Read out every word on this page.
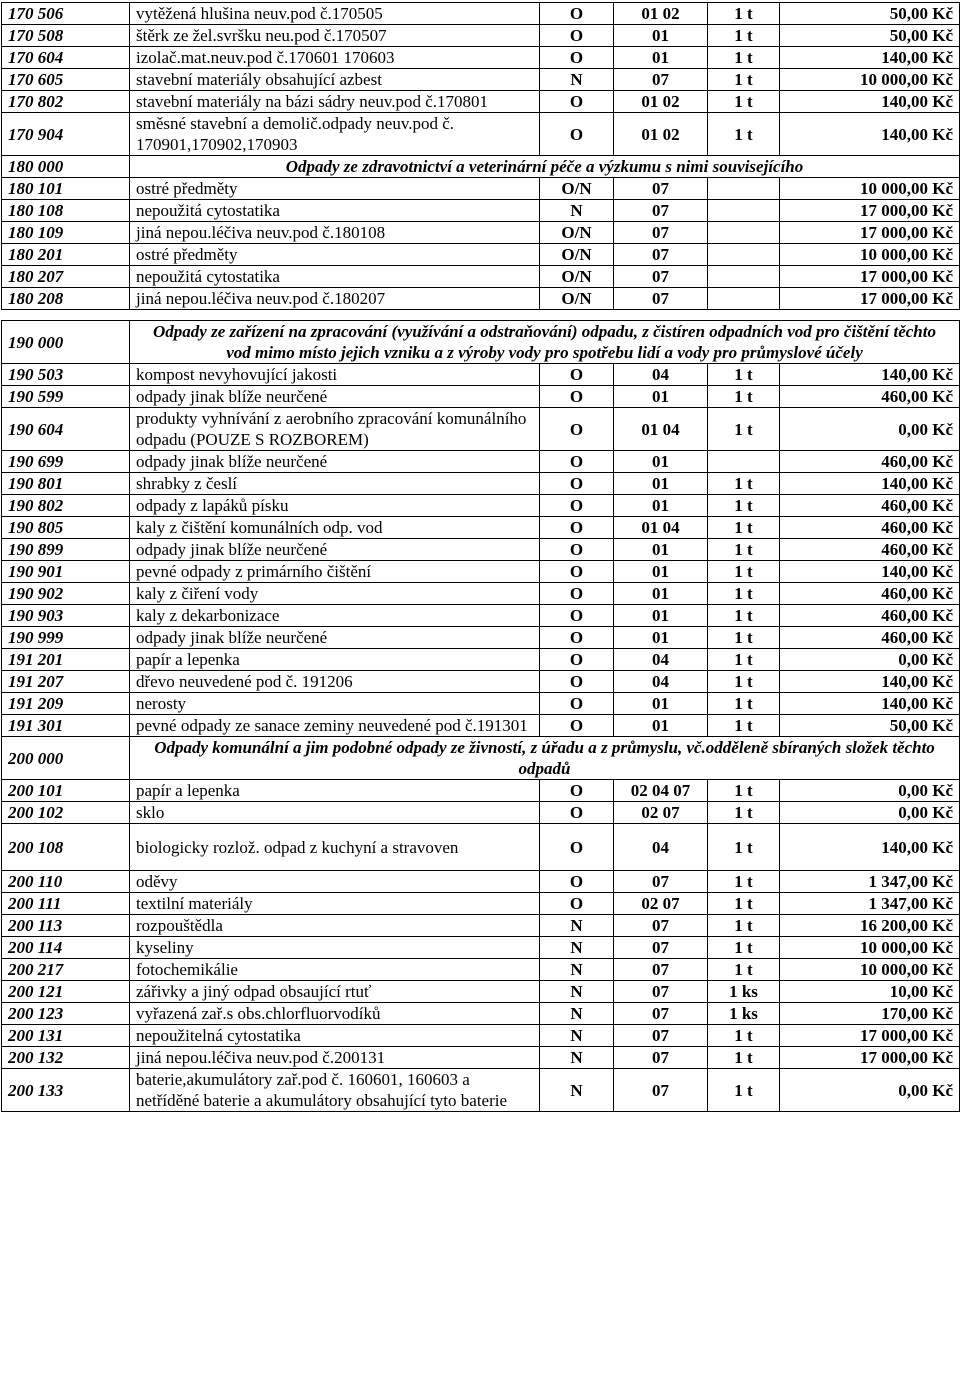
170 506	vytěžená hlušina neuv.pod č.170505	O	01 02	1 t	50,00 Kč
170 508	štěrk ze žel.svršku neu.pod č.170507	O	01	1 t	50,00 Kč
170 604	izolač.mat.neuv.pod č.170601 170603	O	01	1 t	140,00 Kč
170 605	stavební materiály obsahující azbest	N	07	1 t	10 000,00 Kč
170 802	stavební materiály na bázi sádry neuv.pod č.170801	O	01 02	1 t	140,00 Kč
170 904	směsné stavební a demolič.odpady neuv.pod č. 170901,170902,170903	O	01 02	1 t	140,00 Kč
180 000	Odpady ze zdravotnictví a veterinární péče a výzkumu s nimi souvisejícího				
180 101	ostré předměty	O/N	07		10 000,00 Kč
180 108	nepoužitá cytostatika	N	07		17 000,00 Kč
180 109	jiná nepou.léčiva neuv.pod č.180108	O/N	07		17 000,00 Kč
180 201	ostré předměty	O/N	07		10 000,00 Kč
180 207	nepoužitá cytostatika	O/N	07		17 000,00 Kč
180 208	jiná nepou.léčiva neuv.pod č.180207	O/N	07		17 000,00 Kč

190 000	Odpady ze zařízení na zpracování (využívání a odstraňování) odpadu, z čistíren odpadních vod pro čištění těchto vod mimo místo jejich vzniku a z výroby vody pro spotřebu lidí a vody pro průmyslové účely				
190 503	kompost nevyhovující jakosti	O	04	1 t	140,00 Kč
190 599	odpady jinak blíže neurčené	O	01	1 t	460,00 Kč
190 604	produkty vyhnívání z aerobního zpracování komunálního odpadu (POUZE S ROZBOREM)	O	01 04	1 t	0,00 Kč
190 699	odpady jinak blíže neurčené	O	01		460,00 Kč
190 801	shrabky z česlí	O	01	1 t	140,00 Kč
190 802	odpady z lapáků písku	O	01	1 t	460,00 Kč
190 805	kaly z čištění komunálních odp. vod	O	01 04	1 t	460,00 Kč
190 899	odpady jinak blíže neurčené	O	01	1 t	460,00 Kč
190 901	pevné odpady z primárního čištění	O	01	1 t	140,00 Kč
190 902	kaly z čiření vody	O	01	1 t	460,00 Kč
190 903	kaly z dekarbonizace	O	01	1 t	460,00 Kč
190 999	odpady jinak blíže neurčené	O	01	1 t	460,00 Kč
191 201	papír a lepenka	O	04	1 t	0,00 Kč
191 207	dřevo neuvedené pod č. 191206	O	04	1 t	140,00 Kč
191 209	nerosty	O	01	1 t	140,00 Kč
191 301	pevné odpady ze sanace zeminy neuvedené pod č.191301	O	01	1 t	50,00 Kč
200 000	Odpady komunální a jim podobné odpady ze živností, z úřadu a z průmyslu, vč.odděleně sbíraných složek těchto odpadů				
200 101	papír a lepenka	O	02 04 07	1 t	0,00 Kč
200 102	sklo	O	02 07	1 t	0,00 Kč
200 108	biologicky rozlož. odpad z kuchyní a stravoven	O	04	1 t	140,00 Kč
200 110	oděvy	O	07	1 t	1 347,00 Kč
200 111	textilní materiály	O	02 07	1 t	1 347,00 Kč
200 113	rozpouštědla	N	07	1 t	16 200,00 Kč
200 114	kyseliny	N	07	1 t	10 000,00 Kč
200 217	fotochemikálie	N	07	1 t	10 000,00 Kč
200 121	zářivky a jiný odpad obsaující rtuť	N	07	1 ks	10,00 Kč
200 123	vyřazená zař.s obs.chlorfluorvodíků	N	07	1 ks	170,00 Kč
200 131	nepoužitelná cytostatika	N	07	1 t	17 000,00 Kč
200 132	jiná nepou.léčiva neuv.pod č.200131	N	07	1 t	17 000,00 Kč
200 133	baterie,akumulátory zař.pod č. 160601, 160603 a netříděné baterie a akumulátory obsahující tyto baterie	N	07	1 t	0,00 Kč
